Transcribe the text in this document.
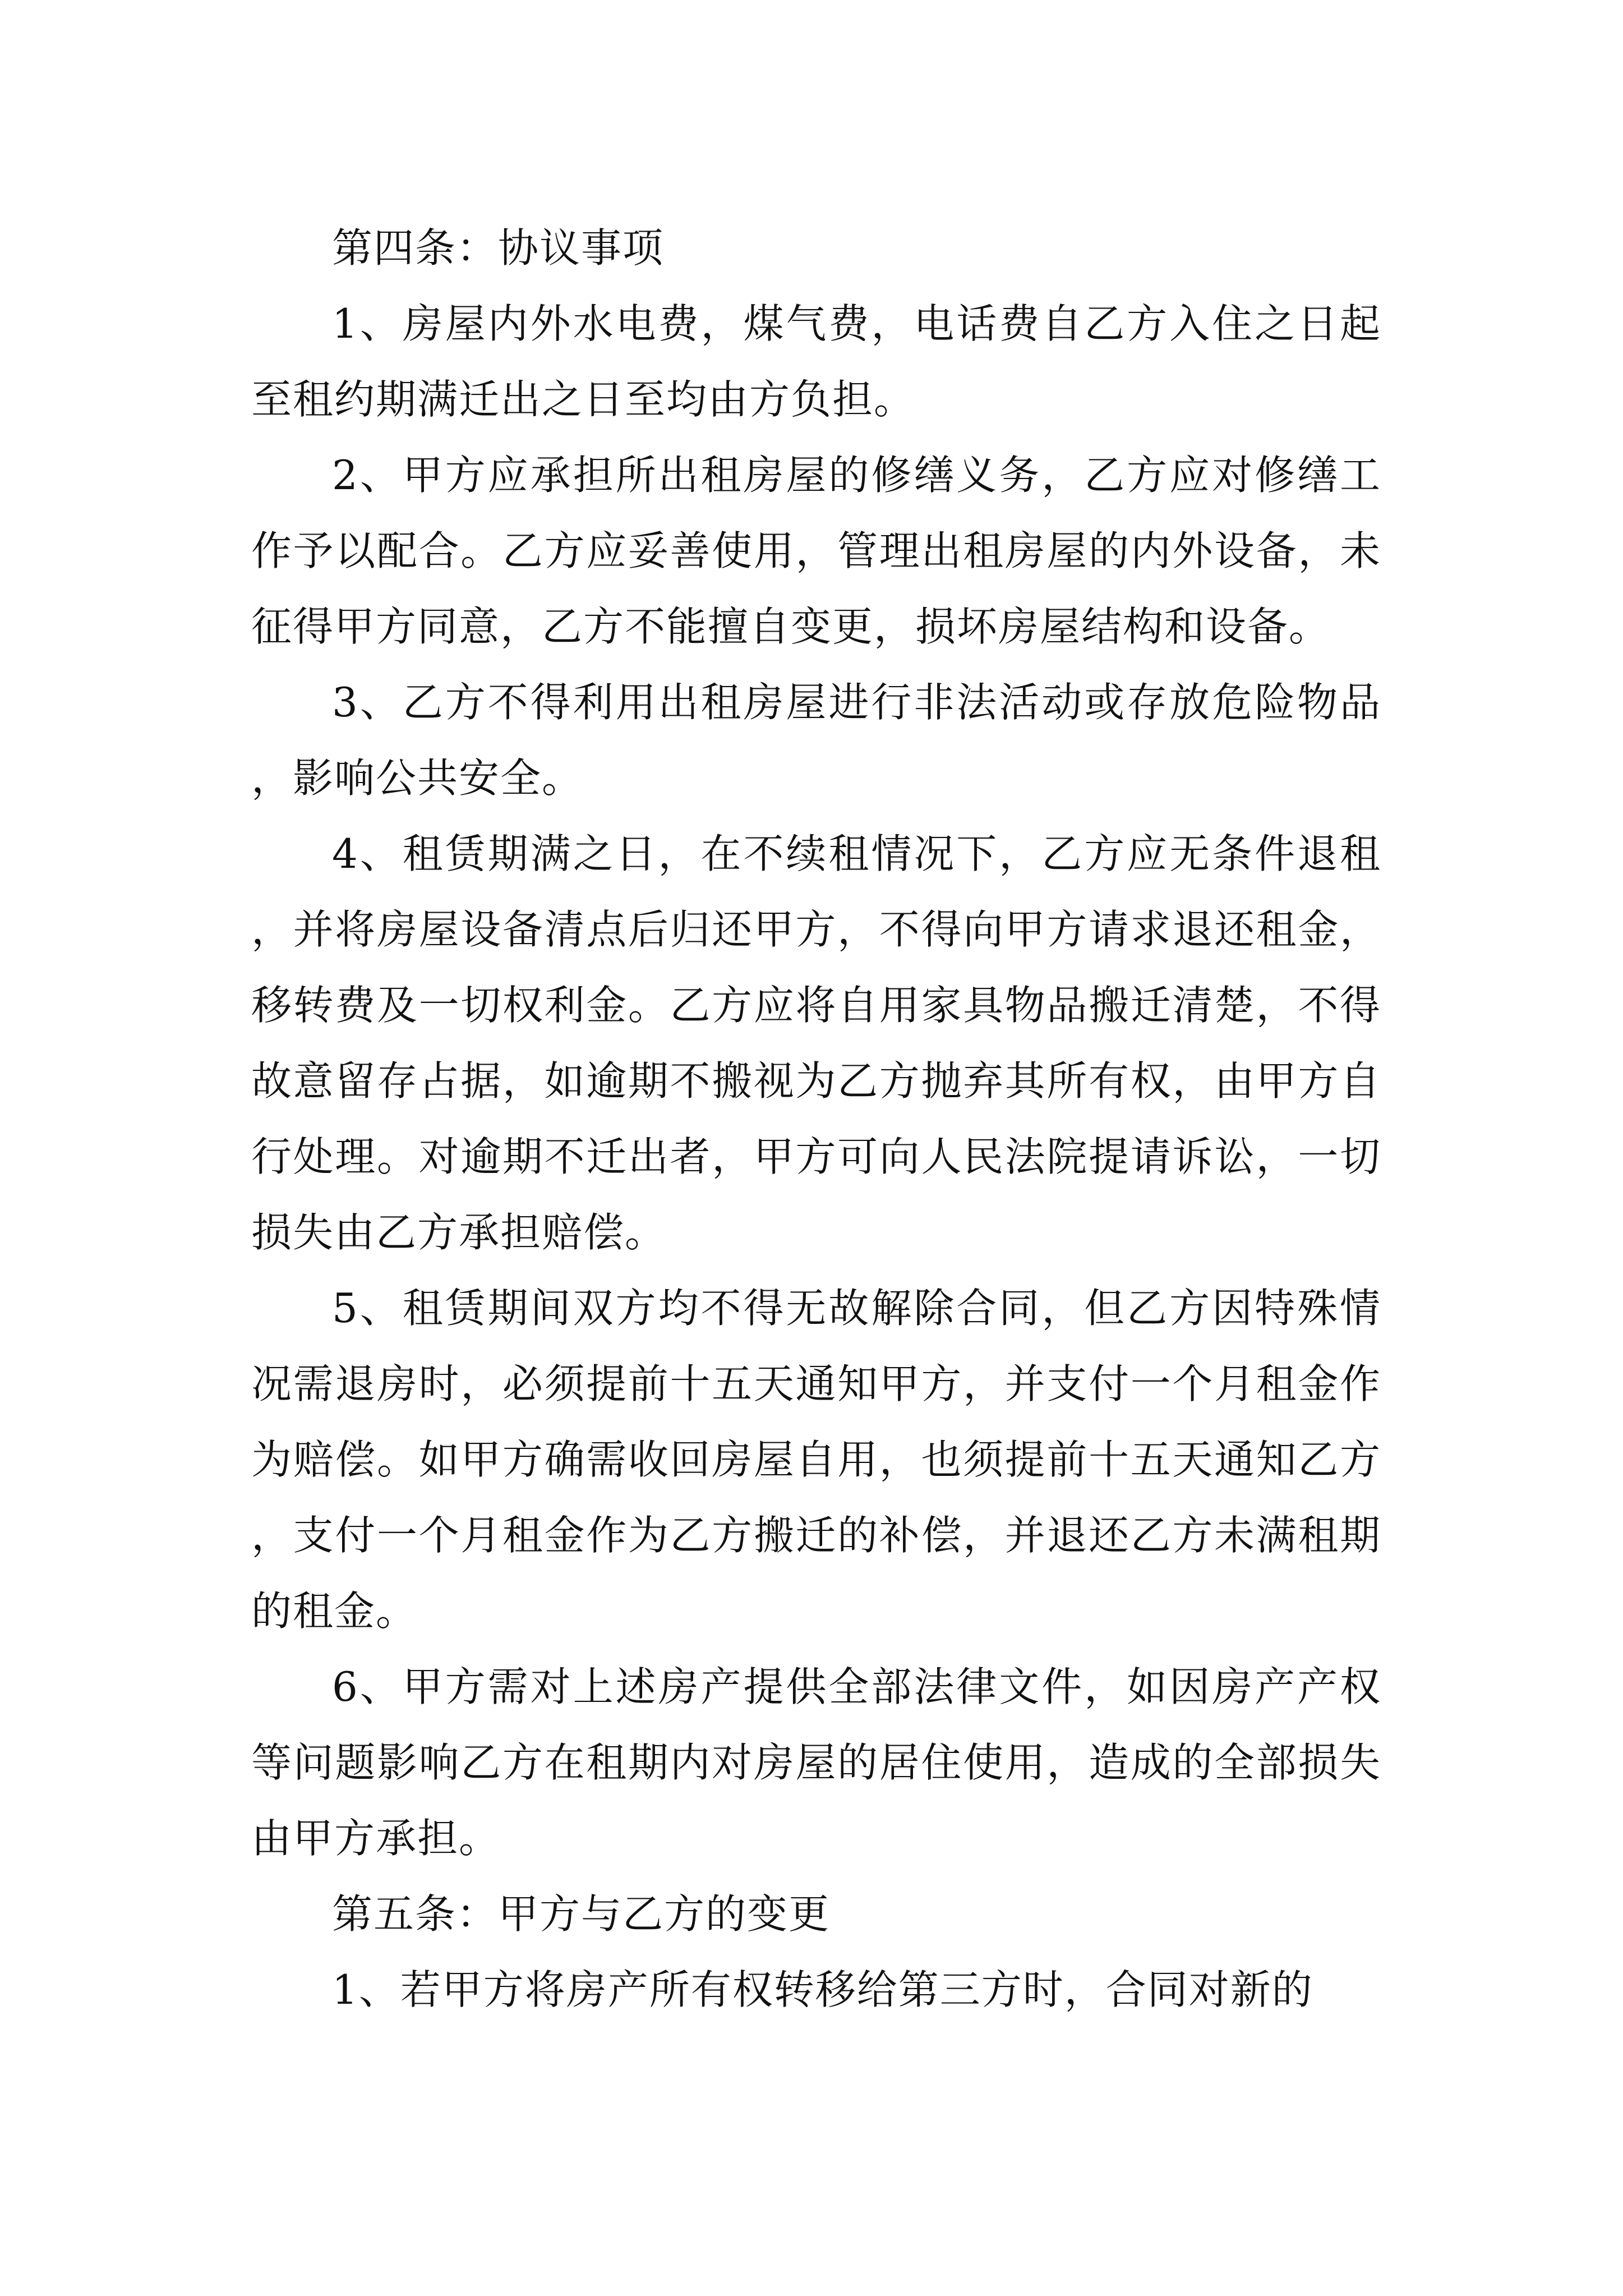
第四条：协议事项

1、房屋内外水电费，煤气费，电话费自乙方入住之日起至租约期满迁出之日至均由方负担。

2、甲方应承担所出租房屋的修缮义务，乙方应对修缮工作予以配合。乙方应妥善使用，管理出租房屋的内外设备，未征得甲方同意，乙方不能擅自变更，损坏房屋结构和设备。

3、乙方不得利用出租房屋进行非法活动或存放危险物品，影响公共安全。

4、租赁期满之日，在不续租情况下，乙方应无条件退租，并将房屋设备清点后归还甲方，不得向甲方请求退还租金，移转费及一切权利金。乙方应将自用家具物品搬迁清楚，不得故意留存占据，如逾期不搬视为乙方抛弃其所有权，由甲方自行处理。对逾期不迁出者，甲方可向人民法院提请诉讼，一切损失由乙方承担赔偿。

5、租赁期间双方均不得无故解除合同，但乙方因特殊情况需退房时，必须提前十五天通知甲方，并支付一个月租金作为赔偿。如甲方确需收回房屋自用，也须提前十五天通知乙方，支付一个月租金作为乙方搬迁的补偿，并退还乙方未满租期的租金。

6、甲方需对上述房产提供全部法律文件，如因房产产权等问题影响乙方在租期内对房屋的居住使用，造成的全部损失由甲方承担。

第五条：甲方与乙方的变更

1、若甲方将房产所有权转移给第三方时，合同对新的
